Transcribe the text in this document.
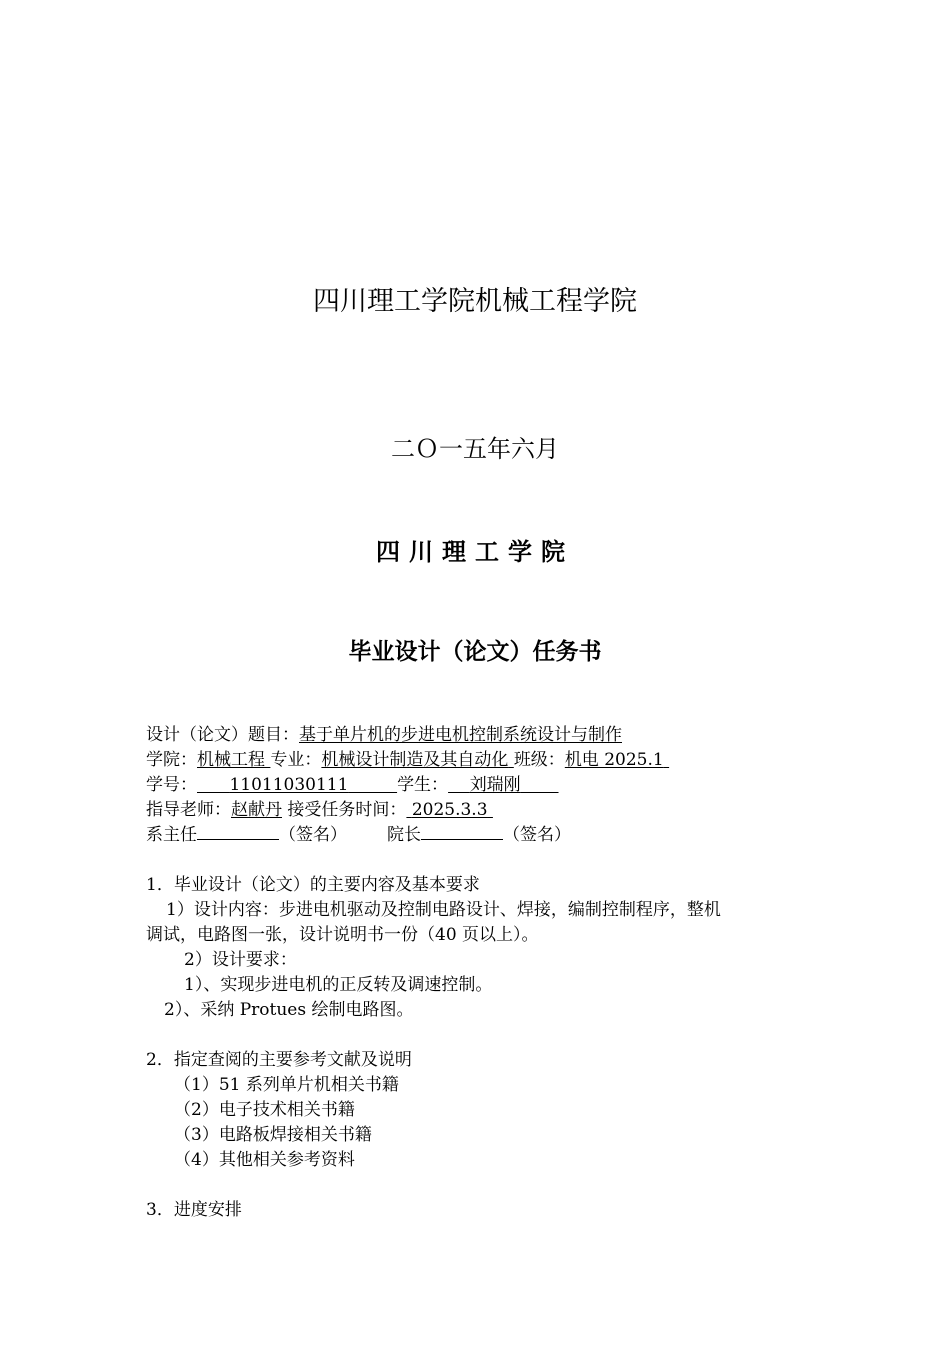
四川理工学院机械工程学院
二Ｏ一五年六月
四川理工学院
毕业设计（论文）任务书
设计（论文）题目：基于单片机的步进电机控制系统设计与制作
学院：机械工程 专业：机械设计制造及其自动化 班级：机电 2025.1
学号： 11011030111	学生： 刘瑞刚
指导老师：赵献丹 接受任务时间： 2025.3.3
系主任	（签名） 院长	（签名）
1．毕业设计（论文）的主要内容及基本要求
1）设计内容：步进电机驱动及控制电路设计、焊接，编制控制程序，整机
调试，电路图一张，设计说明书一份（40 页以上）。
2）设计要求：
1）、实现步进电机的正反转及调速控制。
2）、采纳 Protues 绘制电路图。
2．指定查阅的主要参考文献及说明
（1）51 系列单片机相关书籍
（2）电子技术相关书籍
（3）电路板焊接相关书籍
（4）其他相关参考资料
3．进度安排
